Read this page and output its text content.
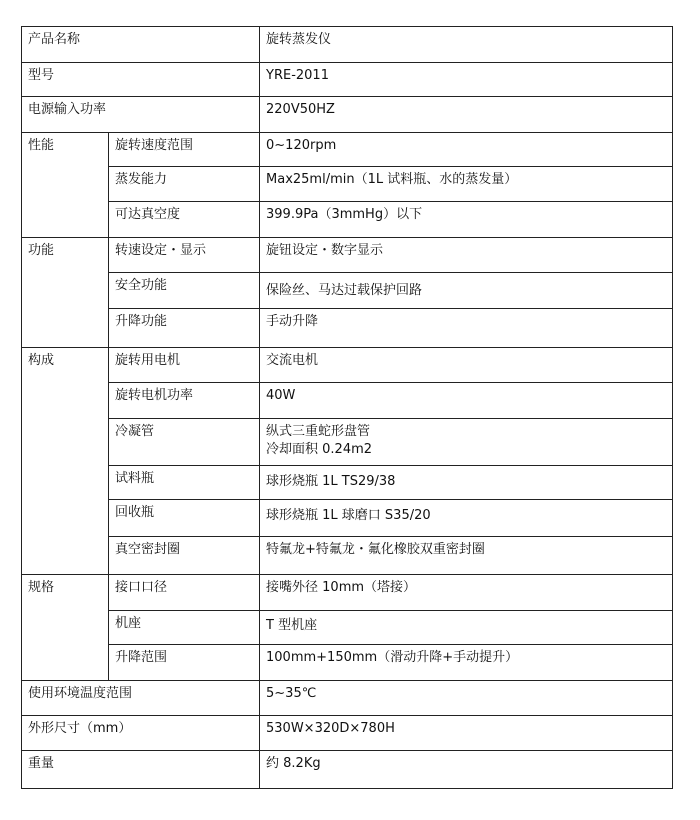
产品名称		旋转蒸发仪
型号		YRE-2011
电源输入功率		220V50HZ
性能	旋转速度范围	0~120rpm
	蒸发能力	Max25ml/min（1L 试料瓶、水的蒸发量）
	可达真空度	399.9Pa（3mmHg）以下
功能	转速设定・显示	旋钮设定・数字显示
	安全功能	保险丝、马达过载保护回路
	升降功能	手动升降
构成	旋转用电机	交流电机
	旋转电机功率	40W
	冷凝管	纵式三重蛇形盘管
冷却面积 0.24m2

	试料瓶	球形烧瓶 1L TS29/38
	回收瓶	球形烧瓶 1L 球磨口 S35/20
	真空密封圈	特氟龙+特氟龙・氟化橡胶双重密封圈
规格	接口口径	接嘴外径 10mm（塔接）
	机座	T 型机座
	升降范围	100mm+150mm（滑动升降+手动提升）
使用环境温度范围		5~35℃
外形尺寸（mm）		530W×320D×780H
重量		约 8.2Kg
